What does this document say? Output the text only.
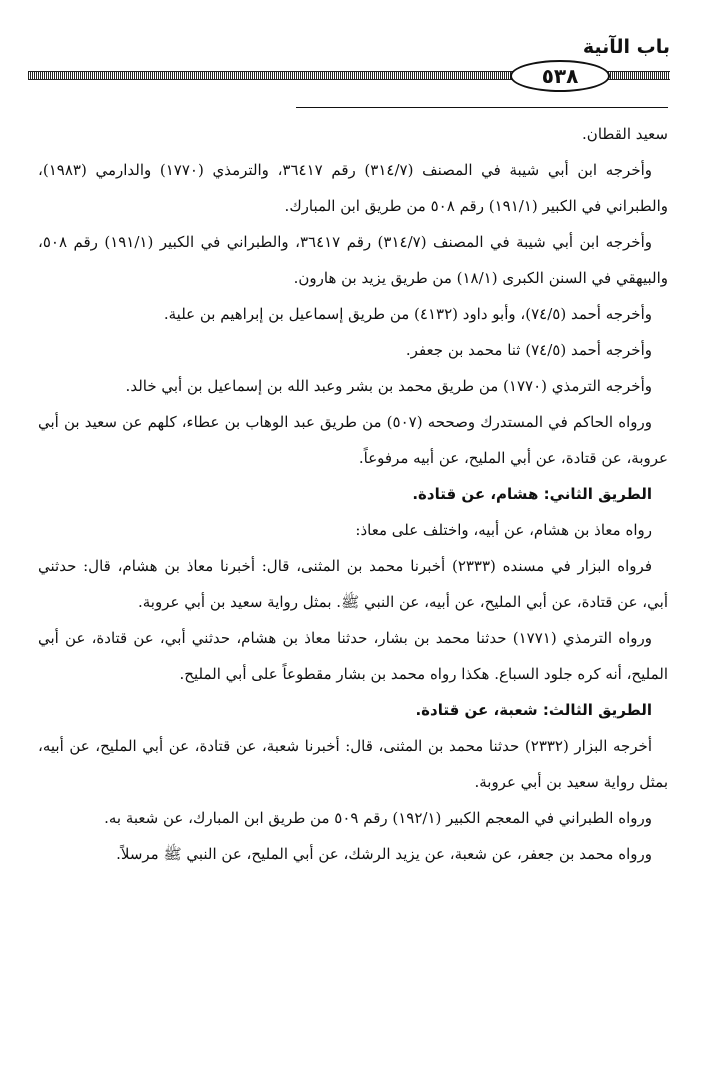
باب الآنية
٥٣٨

سعيد القطان.

وأخرجه ابن أبي شيبة في المصنف (٣١٤/٧) رقم ٣٦٤١٧، والترمذي (١٧٧٠) والدارمي (١٩٨٣)، والطبراني في الكبير (١٩١/١) رقم ٥٠٨ من طريق ابن المبارك.

وأخرجه ابن أبي شيبة في المصنف (٣١٤/٧) رقم ٣٦٤١٧، والطبراني في الكبير (١٩١/١) رقم ٥٠٨، والبيهقي في السنن الكبرى (١٨/١) من طريق يزيد بن هارون.

وأخرجه أحمد (٧٤/٥)، وأبو داود (٤١٣٢) من طريق إسماعيل بن إبراهيم بن علية.

وأخرجه أحمد (٧٤/٥) ثنا محمد بن جعفر.

وأخرجه الترمذي (١٧٧٠) من طريق محمد بن بشر وعبد الله بن إسماعيل بن أبي خالد.

ورواه الحاكم في المستدرك وصححه (٥٠٧) من طريق عبد الوهاب بن عطاء، كلهم عن سعيد بن أبي عروبة، عن قتادة، عن أبي المليح، عن أبيه مرفوعاً.

الطريق الثاني: هشام، عن قتادة.

رواه معاذ بن هشام، عن أبيه، واختلف على معاذ:

فرواه البزار في مسنده (٢٣٣٣) أخبرنا محمد بن المثنى، قال: أخبرنا معاذ بن هشام، قال: حدثني أبي، عن قتادة، عن أبي المليح، عن أبيه، عن النبي ﷺ. بمثل رواية سعيد بن أبي عروبة.

ورواه الترمذي (١٧٧١) حدثنا محمد بن بشار، حدثنا معاذ بن هشام، حدثني أبي، عن قتادة، عن أبي المليح، أنه كره جلود السباع. هكذا رواه محمد بن بشار مقطوعاً على أبي المليح.

الطريق الثالث: شعبة، عن قتادة.

أخرجه البزار (٢٣٣٢) حدثنا محمد بن المثنى، قال: أخبرنا شعبة، عن قتادة، عن أبي المليح، عن أبيه، بمثل رواية سعيد بن أبي عروبة.

ورواه الطبراني في المعجم الكبير (١٩٢/١) رقم ٥٠٩ من طريق ابن المبارك، عن شعبة به.

ورواه محمد بن جعفر، عن شعبة، عن يزيد الرشك، عن أبي المليح، عن النبي ﷺ مرسلاً.
